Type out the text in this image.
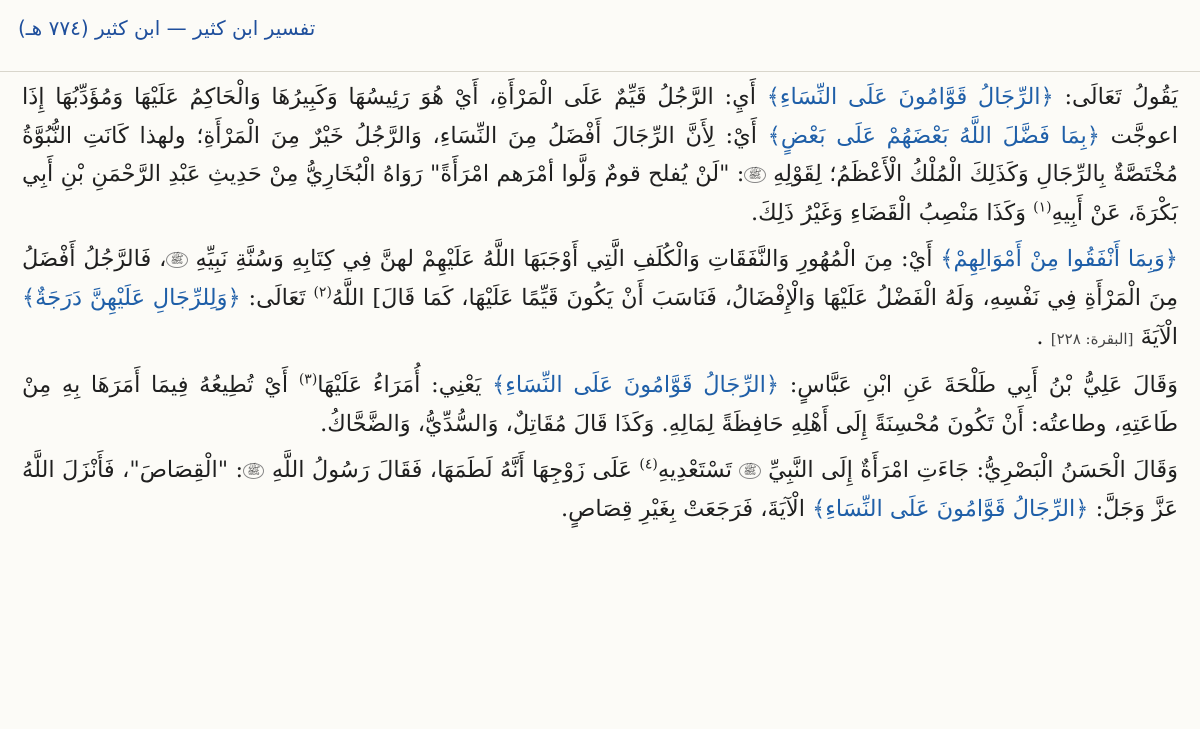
تفسير ابن كثير — ابن كثير (٧٧٤ هـ)

يَقُولُ تَعَالَى: ﴿الرِّجَالُ قَوَّامُونَ عَلَى النِّسَاءِ﴾ أَيِ: الرَّجُلُ قَيِّمٌ عَلَى الْمَرْأَةِ، أَيْ هُوَ رَئِيسُهَا وَكَبِيرُهَا وَالْحَاكِمُ عَلَيْهَا وَمُؤَدِّبُهَا إِذَا اعوجَّت ﴿بِمَا فَضَّلَ اللَّهُ بَعْضَهُمْ عَلَى بَعْضٍ﴾ أَيْ: لِأَنَّ الرِّجَالَ أَفْضَلُ مِنَ النِّسَاءِ، وَالرَّجُلُ خَيْرٌ مِنَ الْمَرْأَةِ؛ ولهذا كَانَتِ النُّبُوَّةُ مُخْتَصَّةٌ بِالرِّجَالِ وَكَذَلِكَ الْمُلْكُ الْأَعْظَمُ؛ لِقَوْلِهِ ﷺ: "لَنْ يُفلح قومٌ وَلَّوا أمْرَهم امْرَأَةً" رَوَاهُ الْبُخَارِيُّ مِنْ حَدِيثِ عَبْدِ الرَّحْمَنِ بْنِ أَبِي بَكْرَةَ، عَنْ أَبِيهِ$^{(١)}$ وَكَذَا مَنْصِبُ الْقَضَاءِ وَغَيْرُ ذَلِكَ.

﴿وَبِمَا أَنْفَقُوا مِنْ أَمْوَالِهِمْ﴾ أَيْ: مِنَ الْمُهُورِ وَالنَّفَقَاتِ وَالْكُلَفِ الَّتِي أَوْجَبَهَا اللَّهُ عَلَيْهِمْ لهنَّ فِي كِتَابِهِ وَسُنَّةِ نَبِيِّهِ ﷺ، فَالرَّجُلُ أَفْضَلُ مِنَ الْمَرْأَةِ فِي نَفْسِهِ، وَلَهُ الْفَضْلُ عَلَيْهَا وَالْإِفْضَالُ، فَنَاسَبَ أَنْ يَكُونَ قَيِّمًا عَلَيْهَا، كَمَا قَالَ] اللَّهُ$^{(٢)}$ تَعَالَى: ﴿وَلِلرِّجَالِ عَلَيْهِنَّ دَرَجَةٌ﴾ الْآيَةَ [البقرة: ٢٢٨] .

وَقَالَ عَلِيُّ بْنُ أَبِي طَلْحَةَ عَنِ ابْنِ عَبَّاسٍ: ﴿الرِّجَالُ قَوَّامُونَ عَلَى النِّسَاءِ﴾ يَعْنِي: أُمَرَاءُ عَلَيْهَا$^{(٣)}$ أَيْ تُطِيعُهُ فِيمَا أَمَرَهَا بِهِ مِنْ طَاعَتِهِ، وطاعتُه: أَنْ تَكُونَ مُحْسِنَةً إِلَى أَهْلِهِ حَافِظَةً لِمَالِهِ. وَكَذَا قَالَ مُقَاتِلٌ، وَالسُّدِّيُّ، وَالضَّحَّاكُ.

وَقَالَ الْحَسَنُ الْبَصْرِيُّ: جَاءَتِ امْرَأَةٌ إِلَى النَّبِيِّ ﷺ تَسْتَعْدِيهِ$^{(٤)}$ عَلَى زَوْجِهَا أَنَّهُ لَطَمَهَا، فَقَالَ رَسُولُ اللَّهِ ﷺ: "الْقِصَاصَ"، فَأَنْزَلَ اللَّهُ عَزَّ وَجَلَّ: ﴿الرِّجَالُ قَوَّامُونَ عَلَى النِّسَاءِ﴾ الْآيَةَ، فَرَجَعَتْ بِغَيْرِ قِصَاصٍ.
